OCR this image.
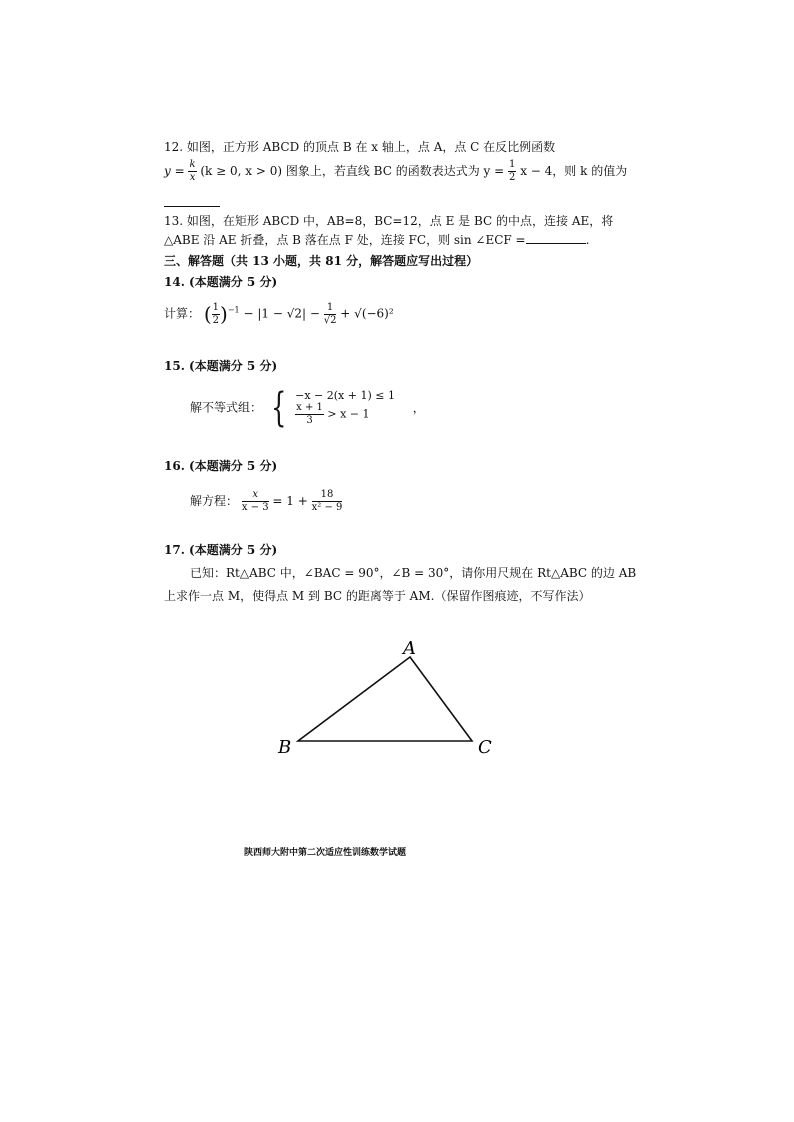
12. 如图，正方形 ABCD 的顶点 B 在 x 轴上，点 A，点 C 在反比例函数
$y = \frac{k}{x} (k \ge 0$, x > 0) 图象上，若直线 BC 的函数表达式为 $y = \frac{1}{2}$ x − 4，则 k 的值为
13. 如图，在矩形 ABCD 中，AB=8，BC=12，点 E 是 BC 的中点，连接 AE，将
△ABE 沿 AE 折叠，点 B 落在点 F 处，连接 FC，则 sin ∠ECF =	.
三、解答题（共 13 小题，共 81 分，解答题应写出过程）
14. (本题满分 5 分)
计算： ( $\frac{1}{2} )^{-1} - |1 - √2| - \frac{1}{√2} + √(-6)^2$
15. (本题满分 5 分)
解不等式组： { −x − 2(x + 1) ≤ 1
$\frac{x + 1}{3} > x - 1$	，
16. (本题满分 5 分)
解方程： $\frac{x}{x - 3} = 1 + \frac{18}{\text{x² − 9}}$
17. (本题满分 5 分)
已知：Rt△ABC 中，∠BAC = 90°，∠B = 30°，请你用尺规在 Rt△ABC 的边 AB
上求作一点 M，使得点 M 到 BC 的距离等于 AM.（保留作图痕迹，不写作法）
A
B	C
陕西师大附中第二次适应性训练数学试题
